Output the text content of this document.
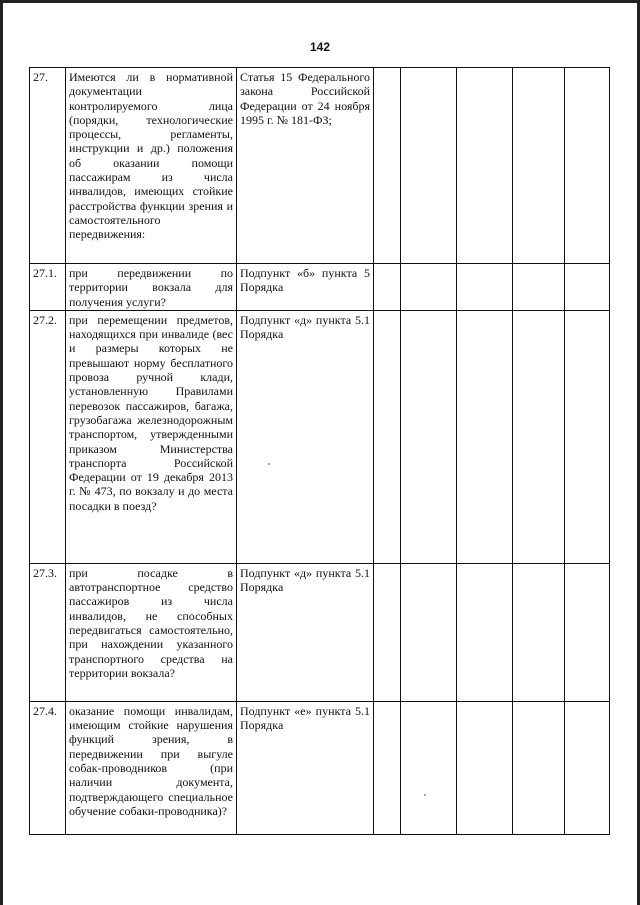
142
27.	Имеются ли в нормативной документации контролируемого лица (порядки, технологические процессы, регламенты, инструкции и др.) положения об оказании помощи пассажирам из числа инвалидов, имеющих стойкие расстройства функции зрения и самостоятельного передвижения:	Статья 15 Федерального закона Российской Федерации от 24 ноября 1995 г. № 181-ФЗ;					
27.1.	при передвижении по территории вокзала для получения услуги?	Подпункт «б» пункта 5 Порядка					
27.2.	при перемещении предметов, находящихся при инвалиде (вес и размеры которых не превышают норму бесплатного провоза ручной клади, установленную Правилами перевозок пассажиров, багажа, грузобагажа железнодорожным транспортом, утвержденными приказом Министерства транспорта Российской Федерации от 19 декабря 2013 г. № 473, по вокзалу и до места посадки в поезд?	Подпункт «д» пункта 5.1 Порядка					
27.3.	при посадке в автотранспортное средство пассажиров из числа инвалидов, не способных передвигаться самостоятельно, при нахождении указанного транспортного средства на территории вокзала?	Подпункт «д» пункта 5.1 Порядка					
27.4.	оказание помощи инвалидам, имеющим стойкие нарушения функций зрения, в передвижении при выгуле собак-проводников (при наличии документа, подтверждающего специальное обучение собаки-проводника)?	Подпункт «е» пункта 5.1 Порядка					
